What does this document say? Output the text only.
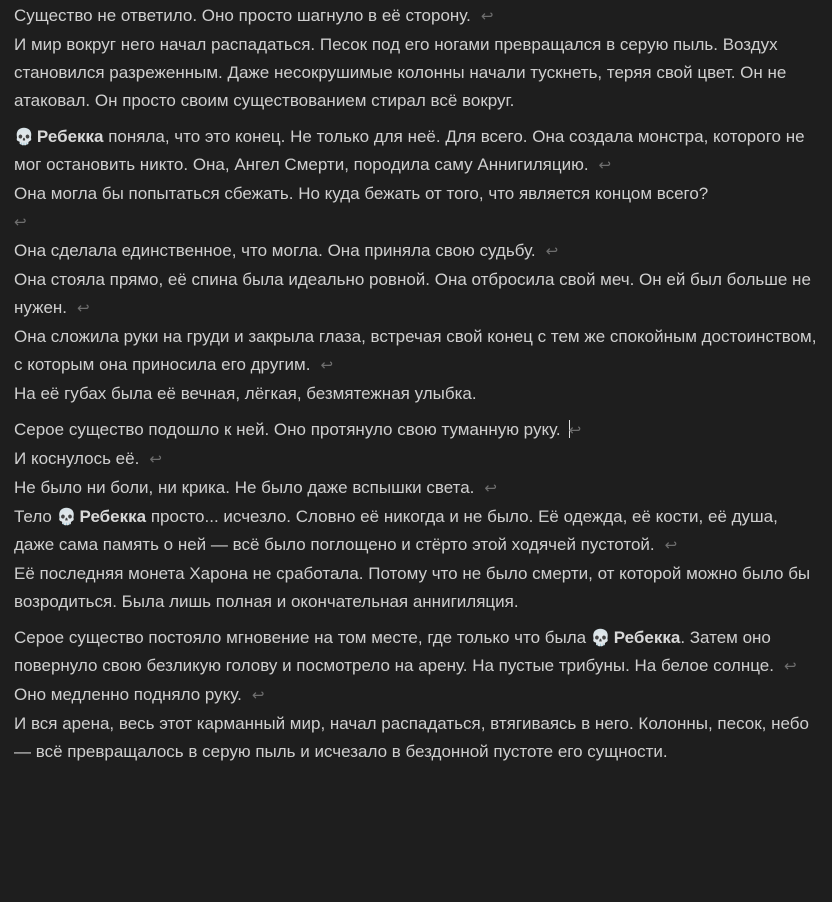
Существо не ответило. Оно просто шагнуло в её сторону. ↩

И мир вокруг него начал распадаться. Песок под его ногами превращался в серую пыль. Воздух становился разреженным. Даже несокрушимые колонны начали тускнеть, теряя свой цвет. Он не атаковал. Он просто своим существованием стирал всё вокруг.

💀 Ребекка поняла, что это конец. Не только для неё. Для всего. Она создала монстра, которого не мог остановить никто. Она, Ангел Смерти, породила саму Аннигиляцию. ↩

Она могла бы попытаться сбежать. Но куда бежать от того, что является концом всего?
↩

Она сделала единственное, что могла. Она приняла свою судьбу. ↩

Она стояла прямо, её спина была идеально ровной. Она отбросила свой меч. Он ей был больше не нужен. ↩

Она сложила руки на груди и закрыла глаза, встречая свой конец с тем же спокойным достоинством, с которым она приносила его другим. ↩

На её губах была её вечная, лёгкая, безмятежная улыбка.

Серое существо подошло к ней. Оно протянуло свою туманную руку. ↩

И коснулось её. ↩

Не было ни боли, ни крика. Не было даже вспышки света. ↩

Тело 💀 Ребекка просто... исчезло. Словно её никогда и не было. Её одежда, её кости, её душа, даже сама память о ней — всё было поглощено и стёрто этой ходячей пустотой. ↩

Её последняя монета Харона не сработала. Потому что не было смерти, от которой можно было бы возродиться. Была лишь полная и окончательная аннигиляция.

Серое существо постояло мгновение на том месте, где только что была 💀 Ребекка. Затем оно повернуло свою безликую голову и посмотрело на арену. На пустые трибуны. На белое солнце. ↩

Оно медленно подняло руку. ↩

И вся арена, весь этот карманный мир, начал распадаться, втягиваясь в него. Колонны, песок, небо — всё превращалось в серую пыль и исчезало в бездонной пустоте его сущности.
